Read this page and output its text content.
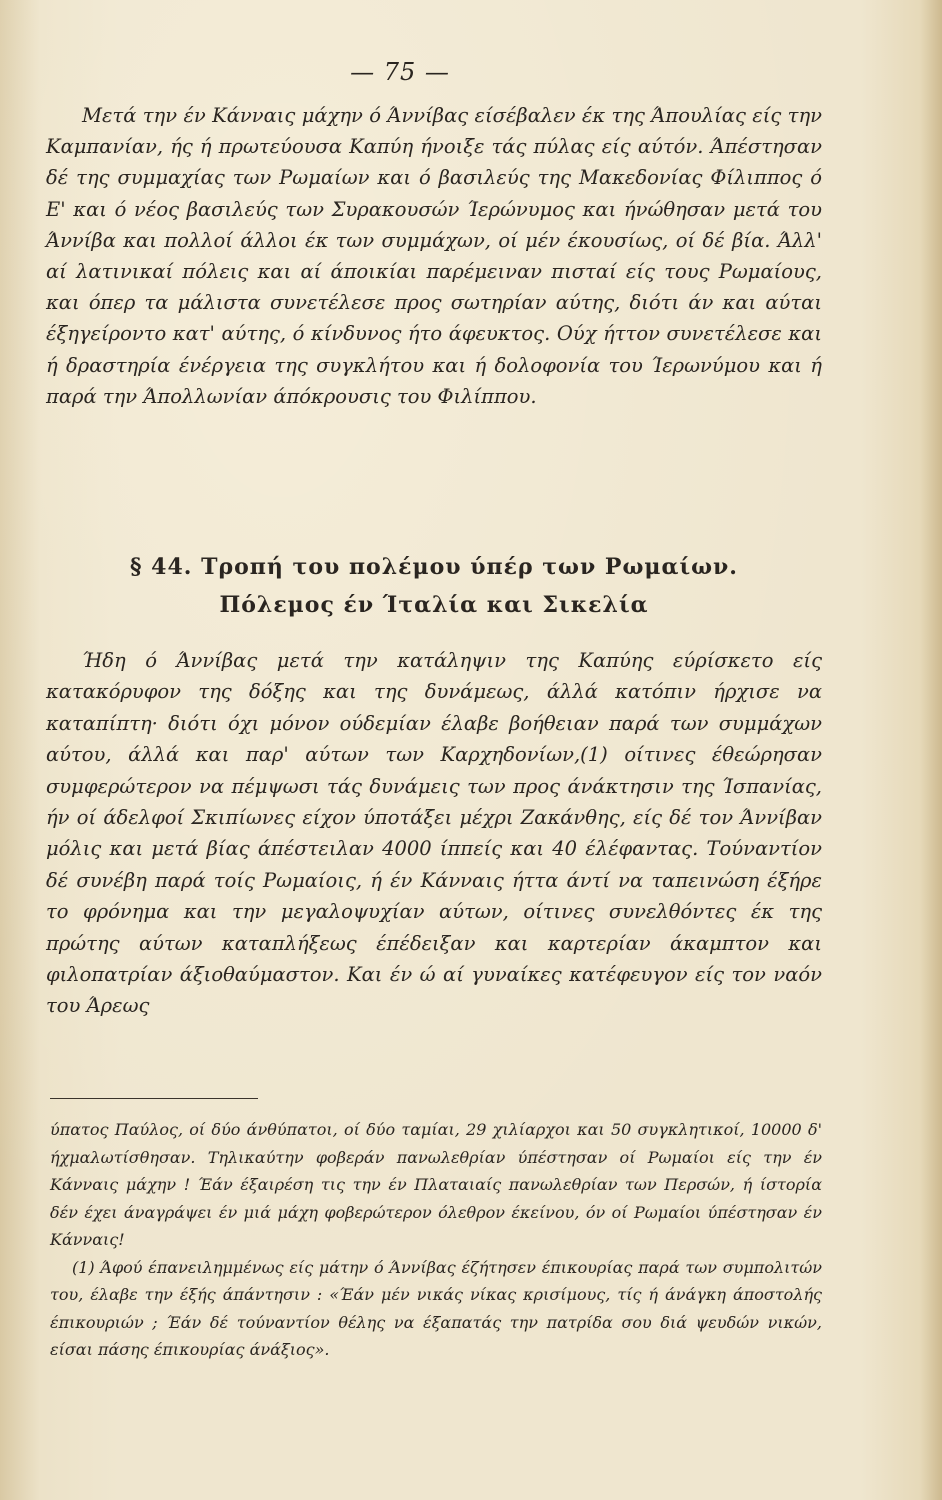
— 75 —

Μετά την έν Κάνναις μάχην ό Άννίβας είσέβαλεν έκ της Άπουλίας είς την Καμπανίαν, ής ή πρωτεύουσα Καπύη ήνοιξε τάς πύλας είς αύτόν. Άπέστησαν δέ της συμμαχίας των Ρωμαίων και ό βασιλεύς της Μακεδονίας Φίλιππος ό Ε' και ό νέος βασιλεύς των Συρακουσών Ίερώνυμος και ήνώθησαν μετά του Άννίβα και πολλοί άλλοι έκ των συμμάχων, οί μέν έκουσίως, οί δέ βία. Άλλ' αί λατινικαί πόλεις και αί άποικίαι παρέμειναν πισταί είς τους Ρωμαίους, και όπερ τα μάλιστα συνετέλεσε προς σωτηρίαν αύτης, διότι άν και αύται έξηγείροντο κατ' αύτης, ό κίνδυνος ήτο άφευκτος. Ούχ ήττον συνετέλεσε και ή δραστηρία ένέργεια της συγκλήτου και ή δολοφονία του Ίερωνύμου και ή παρά την Άπολλωνίαν άπόκρουσις του Φιλίππου.

§ 44. Τροπή του πολέμου ύπέρ των Ρωμαίων.
Πόλεμος έν Ίταλία και Σικελία

Ήδη ό Άννίβας μετά την κατάληψιν της Καπύης εύρίσκετο είς κατακόρυφον της δόξης και της δυνάμεως, άλλά κατόπιν ήρχισε να καταπίπτη· διότι όχι μόνον ούδεμίαν έλαβε βοήθειαν παρά των συμμάχων αύτου, άλλά και παρ' αύτων των Καρχηδονίων,(1) οίτινες έθεώρησαν συμφερώτερον να πέμψωσι τάς δυνάμεις των προς άνάκτησιν της Ίσπανίας, ήν οί άδελφοί Σκιπίωνες είχον ύποτάξει μέχρι Ζακάνθης, είς δέ τον Άννίβαν μόλις και μετά βίας άπέστειλαν 4000 ίππείς και 40 έλέφαντας. Τούναντίον δέ συνέβη παρά τοίς Ρωμαίοις, ή έν Κάνναις ήττα άντί να ταπεινώση έξήρε το φρόνημα και την μεγαλοψυχίαν αύτων, οίτινες συνελθόντες έκ της πρώτης αύτων καταπλήξεως έπέδειξαν και καρτερίαν άκαμπτον και φιλοπατρίαν άξιοθαύμαστον. Και έν ώ αί γυναίκες κατέφευγον είς τον ναόν του Άρεως

ύπατος Παύλος, οί δύο άνθύπατοι, οί δύο ταμίαι, 29 χιλίαρχοι και 50 συγκλητικοί, 10000 δ' ήχμαλωτίσθησαν. Τηλικαύτην φοβεράν πανωλεθρίαν ύπέστησαν οί Ρωμαίοι είς την έν Κάνναις μάχην ! Έάν έξαιρέση τις την έν Πλαταιαίς πανωλεθρίαν των Περσών, ή ίστορία δέν έχει άναγράψει έν μιά μάχη φοβερώτερον όλεθρον έκείνου, όν οί Ρωμαίοι ύπέστησαν έν Κάνναις!

(1) Άφού έπανειλημμένως είς μάτην ό Άννίβας έζήτησεν έπικουρίας παρά των συμπολιτών του, έλαβε την έξής άπάντησιν : «Έάν μέν νικάς νίκας κρισίμους, τίς ή άνάγκη άποστολής έπικουριών ; Έάν δέ τούναντίον θέλης να έξαπατάς την πατρίδα σου διά ψευδών νικών, είσαι πάσης έπικουρίας άνάξιος».
